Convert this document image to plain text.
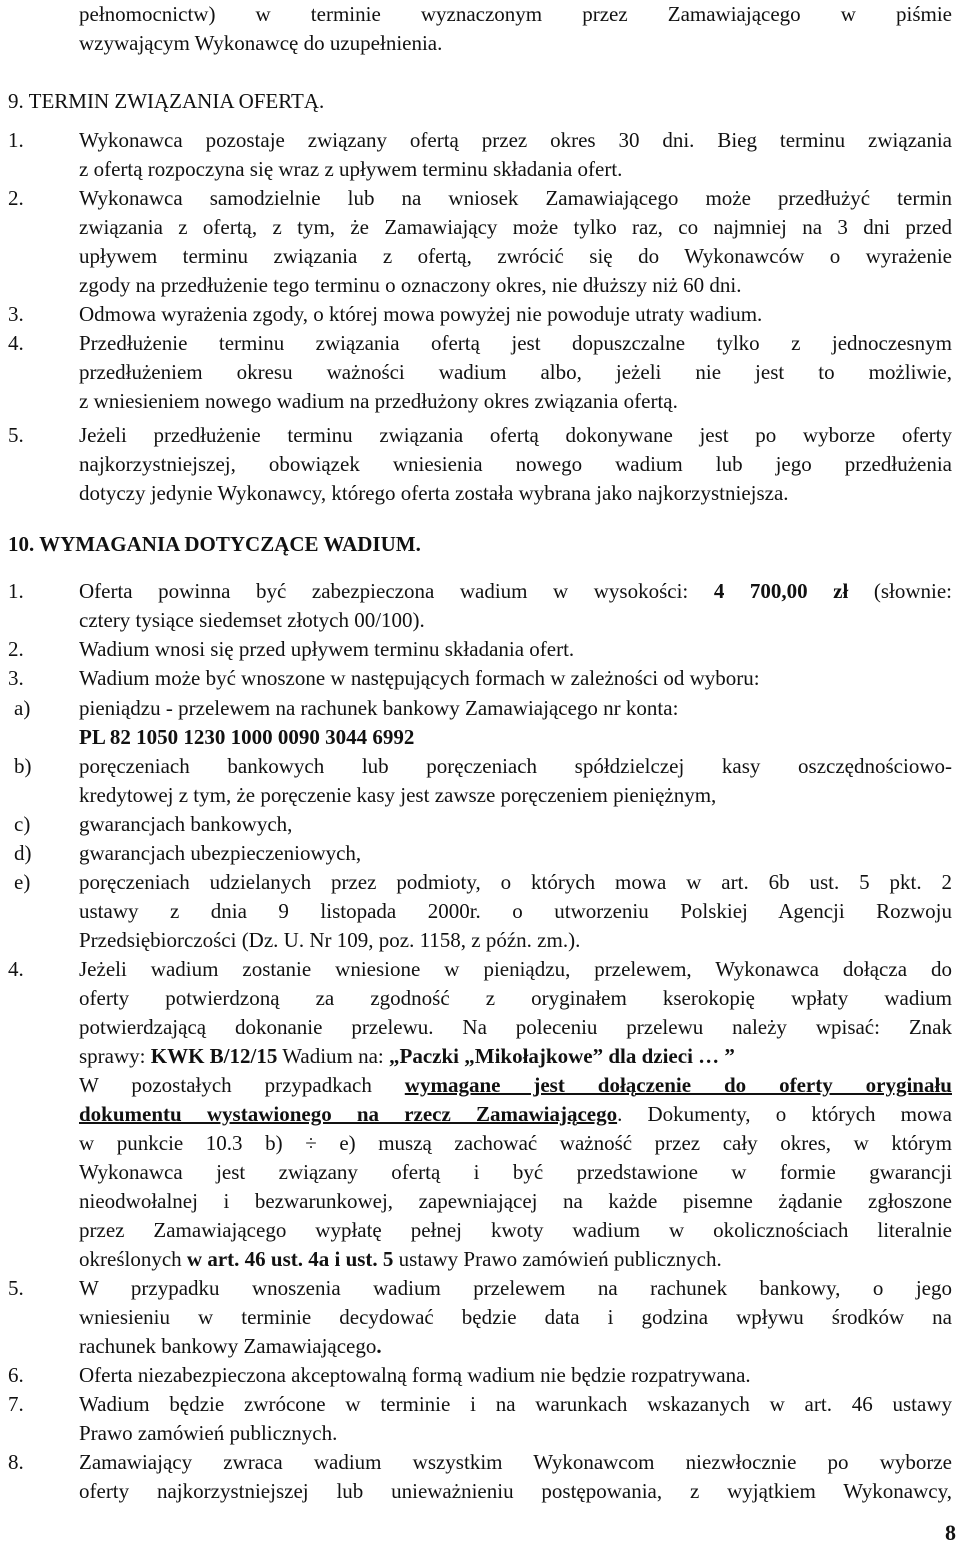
pełnomocnictw) w terminie wyznaczonym przez Zamawiającego w piśmie
wzywającym Wykonawcę do uzupełnienia.
9. TERMIN ZWIĄZANIA OFERTĄ.
1.	Wykonawca pozostaje związany ofertą przez okres 30 dni. Bieg terminu związania
z ofertą rozpoczyna się wraz z upływem terminu składania ofert.
2.	Wykonawca samodzielnie lub na wniosek Zamawiającego może przedłużyć termin
związania z ofertą, z tym, że Zamawiający może tylko raz, co najmniej na 3 dni przed
upływem terminu związania z ofertą, zwrócić się do Wykonawców o wyrażenie
zgody na przedłużenie tego terminu o oznaczony okres, nie dłuższy niż 60 dni.
3.	Odmowa wyrażenia zgody, o której mowa powyżej nie powoduje utraty wadium.
4.	Przedłużenie terminu związania ofertą jest dopuszczalne tylko z jednoczesnym
przedłużeniem okresu ważności wadium albo, jeżeli nie jest to możliwie,
z wniesieniem nowego wadium na przedłużony okres związania ofertą.
5.	Jeżeli przedłużenie terminu związania ofertą dokonywane jest po wyborze oferty
najkorzystniejszej, obowiązek wniesienia nowego wadium lub jego przedłużenia
dotyczy jedynie Wykonawcy, którego oferta została wybrana jako najkorzystniejsza.
10. WYMAGANIA DOTYCZĄCE WADIUM.
1.	Oferta powinna być zabezpieczona wadium w wysokości: 4 700,00 zł (słownie:
cztery tysiące siedemset złotych 00/100).
2.	Wadium wnosi się przed upływem terminu składania ofert.
3.	Wadium może być wnoszone w następujących formach w zależności od wyboru:
a) pieniądzu - przelewem na rachunek bankowy Zamawiającego nr konta:
PL 82 1050 1230 1000 0090 3044 6992
b) poręczeniach bankowych lub poręczeniach spółdzielczej kasy oszczędnościowo-
kredytowej z tym, że poręczenie kasy jest zawsze poręczeniem pieniężnym,
c) gwarancjach bankowych,
d) gwarancjach ubezpieczeniowych,
e) poręczeniach udzielanych przez podmioty, o których mowa w art. 6b ust. 5 pkt. 2
ustawy z dnia 9 listopada 2000r. o utworzeniu Polskiej Agencji Rozwoju
Przedsiębiorczości (Dz. U. Nr 109, poz. 1158, z późn. zm.).
4.	Jeżeli wadium zostanie wniesione w pieniądzu, przelewem, Wykonawca dołącza do
oferty potwierdzoną za zgodność z oryginałem kserokopię wpłaty wadium
potwierdzającą dokonanie przelewu. Na poleceniu przelewu należy wpisać: Znak
sprawy: KWK B/12/15 Wadium na: „Paczki „Mikołajkowe” dla dzieci … ”
W pozostałych przypadkach wymagane jest dołączenie do oferty oryginału
dokumentu wystawionego na rzecz Zamawiającego. Dokumenty, o których mowa
w punkcie 10.3 b) ÷ e) muszą zachować ważność przez cały okres, w którym
Wykonawca jest związany ofertą i być przedstawione w formie gwarancji
nieodwołalnej i bezwarunkowej, zapewniającej na każde pisemne żądanie zgłoszone
przez Zamawiającego wypłatę pełnej kwoty wadium w okolicznościach literalnie
określonych w art. 46 ust. 4a i ust. 5 ustawy Prawo zamówień publicznych.
5.	W przypadku wnoszenia wadium przelewem na rachunek bankowy, o jego
wniesieniu w terminie decydować będzie data i godzina wpływu środków na
rachunek bankowy Zamawiającego.
6.	Oferta niezabezpieczona akceptowalną formą wadium nie będzie rozpatrywana.
7.	Wadium będzie zwrócone w terminie i na warunkach wskazanych w art. 46 ustawy
Prawo zamówień publicznych.
8.	Zamawiający zwraca wadium wszystkim Wykonawcom niezwłocznie po wyborze
oferty najkorzystniejszej lub unieważnieniu postępowania, z wyjątkiem Wykonawcy,
8
